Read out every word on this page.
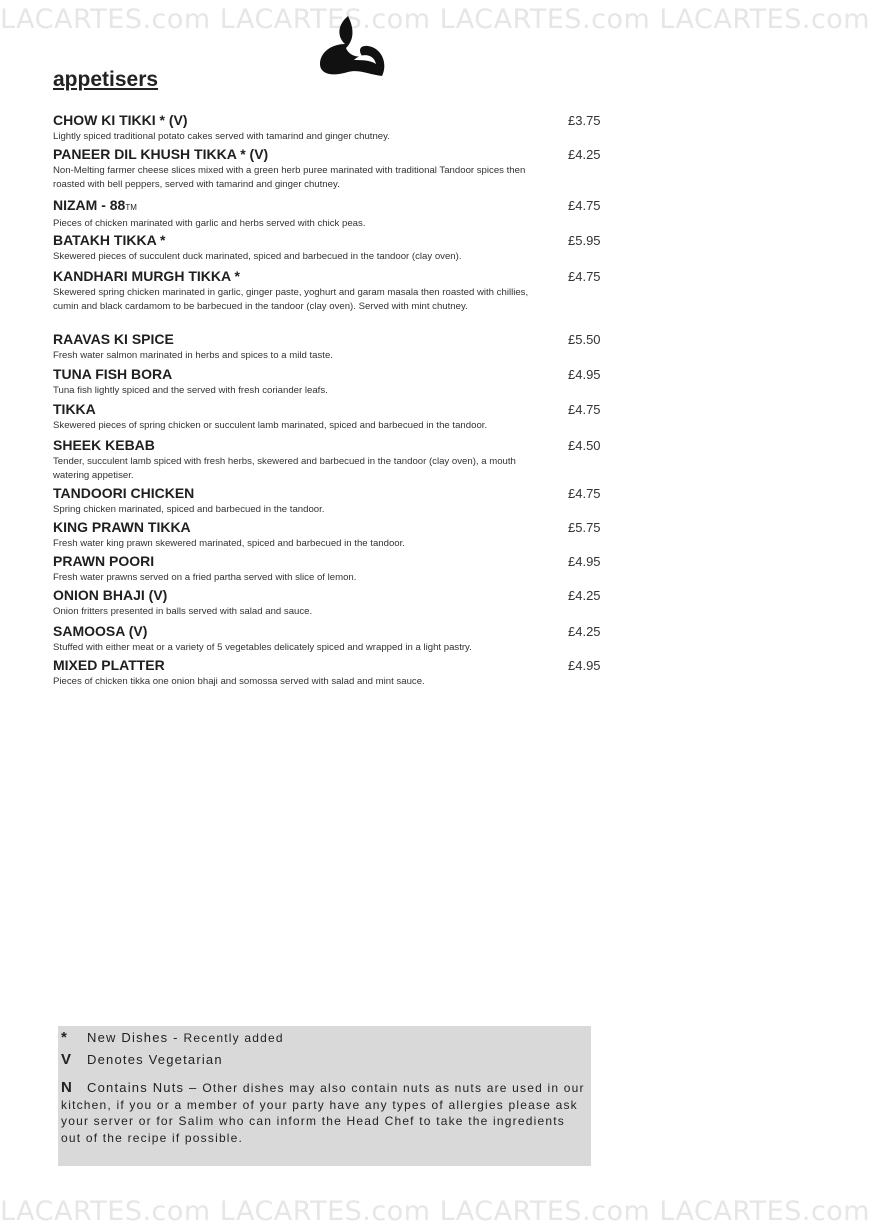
LACARTES.com LACARTES.com LACARTES.com LACARTES.com
appetisers
CHOW KI TIKKI * (V)
Lightly spiced traditional potato cakes served with tamarind and ginger chutney.
£3.75
PANEER DIL KHUSH TIKKA * (V)
Non-Melting farmer cheese slices mixed with a green herb puree marinated with traditional Tandoor spices then roasted with bell peppers, served with tamarind and ginger chutney.
£4.25
NIZAM - 88TM
Pieces of chicken marinated with garlic and herbs served with chick peas.
£4.75
BATAKH TIKKA *
Skewered pieces of succulent duck marinated, spiced and barbecued in the tandoor (clay oven).
£5.95
KANDHARI MURGH TIKKA *
Skewered spring chicken marinated in garlic, ginger paste, yoghurt and garam masala then roasted with chillies, cumin and black cardamom to be barbecued in the tandoor (clay oven). Served with mint chutney.
£4.75
RAAVAS KI SPICE
Fresh water salmon marinated in herbs and spices to a mild taste.
£5.50
TUNA FISH BORA
Tuna fish lightly spiced and the served with fresh coriander leafs.
£4.95
TIKKA
Skewered pieces of spring chicken or succulent lamb marinated, spiced and barbecued in the tandoor.
£4.75
SHEEK KEBAB
Tender, succulent lamb spiced with fresh herbs, skewered and barbecued in the tandoor (clay oven), a mouth watering appetiser.
£4.50
TANDOORI CHICKEN
Spring chicken marinated, spiced and barbecued in the tandoor.
£4.75
KING PRAWN TIKKA
Fresh water king prawn skewered marinated, spiced and barbecued in the tandoor.
£5.75
PRAWN POORI
Fresh water prawns served on a fried partha served with slice of lemon.
£4.95
ONION BHAJI (V)
Onion fritters presented in balls served with salad and sauce.
£4.25
SAMOOSA (V)
Stuffed with either meat or a variety of 5 vegetables delicately spiced and wrapped in a light pastry.
£4.25
MIXED PLATTER
Pieces of chicken tikka one onion bhaji and somossa served with salad and mint sauce.
£4.95
* New Dishes - Recently added
V Denotes Vegetarian
N Contains Nuts – Other dishes may also contain nuts as nuts are used in our kitchen, if you or a member of your party have any types of allergies please ask your server or for Salim who can inform the Head Chef to take the ingredients out of the recipe if possible.
LACARTES.com LACARTES.com LACARTES.com LACARTES.com
